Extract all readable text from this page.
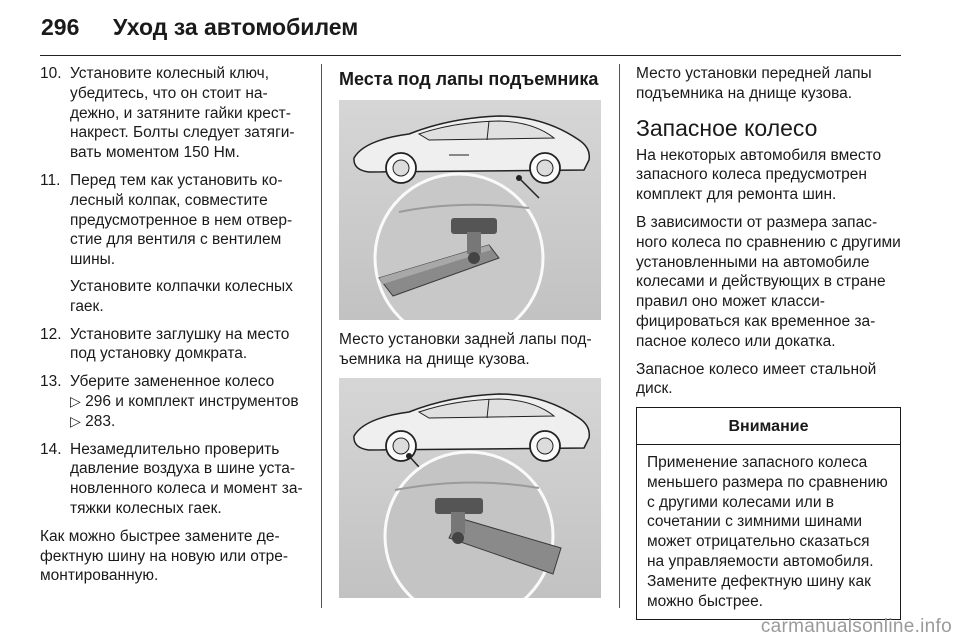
296	Уход за автомобилем
10. Установите колесный ключ, убедитесь, что он стоит надежно, и затяните гайки крестнакрест. Болты следует затягивать моментом 150 Нм.
11. Перед тем как установить колесный колпак, совместите предусмотренное в нем отверстие для вентиля с вентилем шины.
Установите колпачки колесных гаек.
12. Установите заглушку на место под установку домкрата.
13. Уберите замененное колесо
▷ 296 и комплект инструментов
▷ 283.
14. Незамедлительно проверить давление воздуха в шине установленного колеса и момент затяжки колесных гаек.

Как можно быстрее замените дефектную шину на новую или отремонтированную.

Места под лапы подъемника

Место установки задней лапы подъемника на днище кузова.

Место установки передней лапы подъемника на днище кузова.

Запасное колесо

На некоторых автомобиля вместо запасного колеса предусмотрен комплект для ремонта шин.

В зависимости от размера запасного колеса по сравнению с другими установленными на автомобиле колесами и действующих в стране правил оно может классифицироваться как временное запасное колесо или докатка.

Запасное колесо имеет стальной диск.

Внимание
Применение запасного колеса меньшего размера по сравнению с другими колесами или в сочетании с зимними шинами может отрицательно сказаться на управляемости автомобиля. Замените дефектную шину как можно быстрее.
carmanualsonline.info
